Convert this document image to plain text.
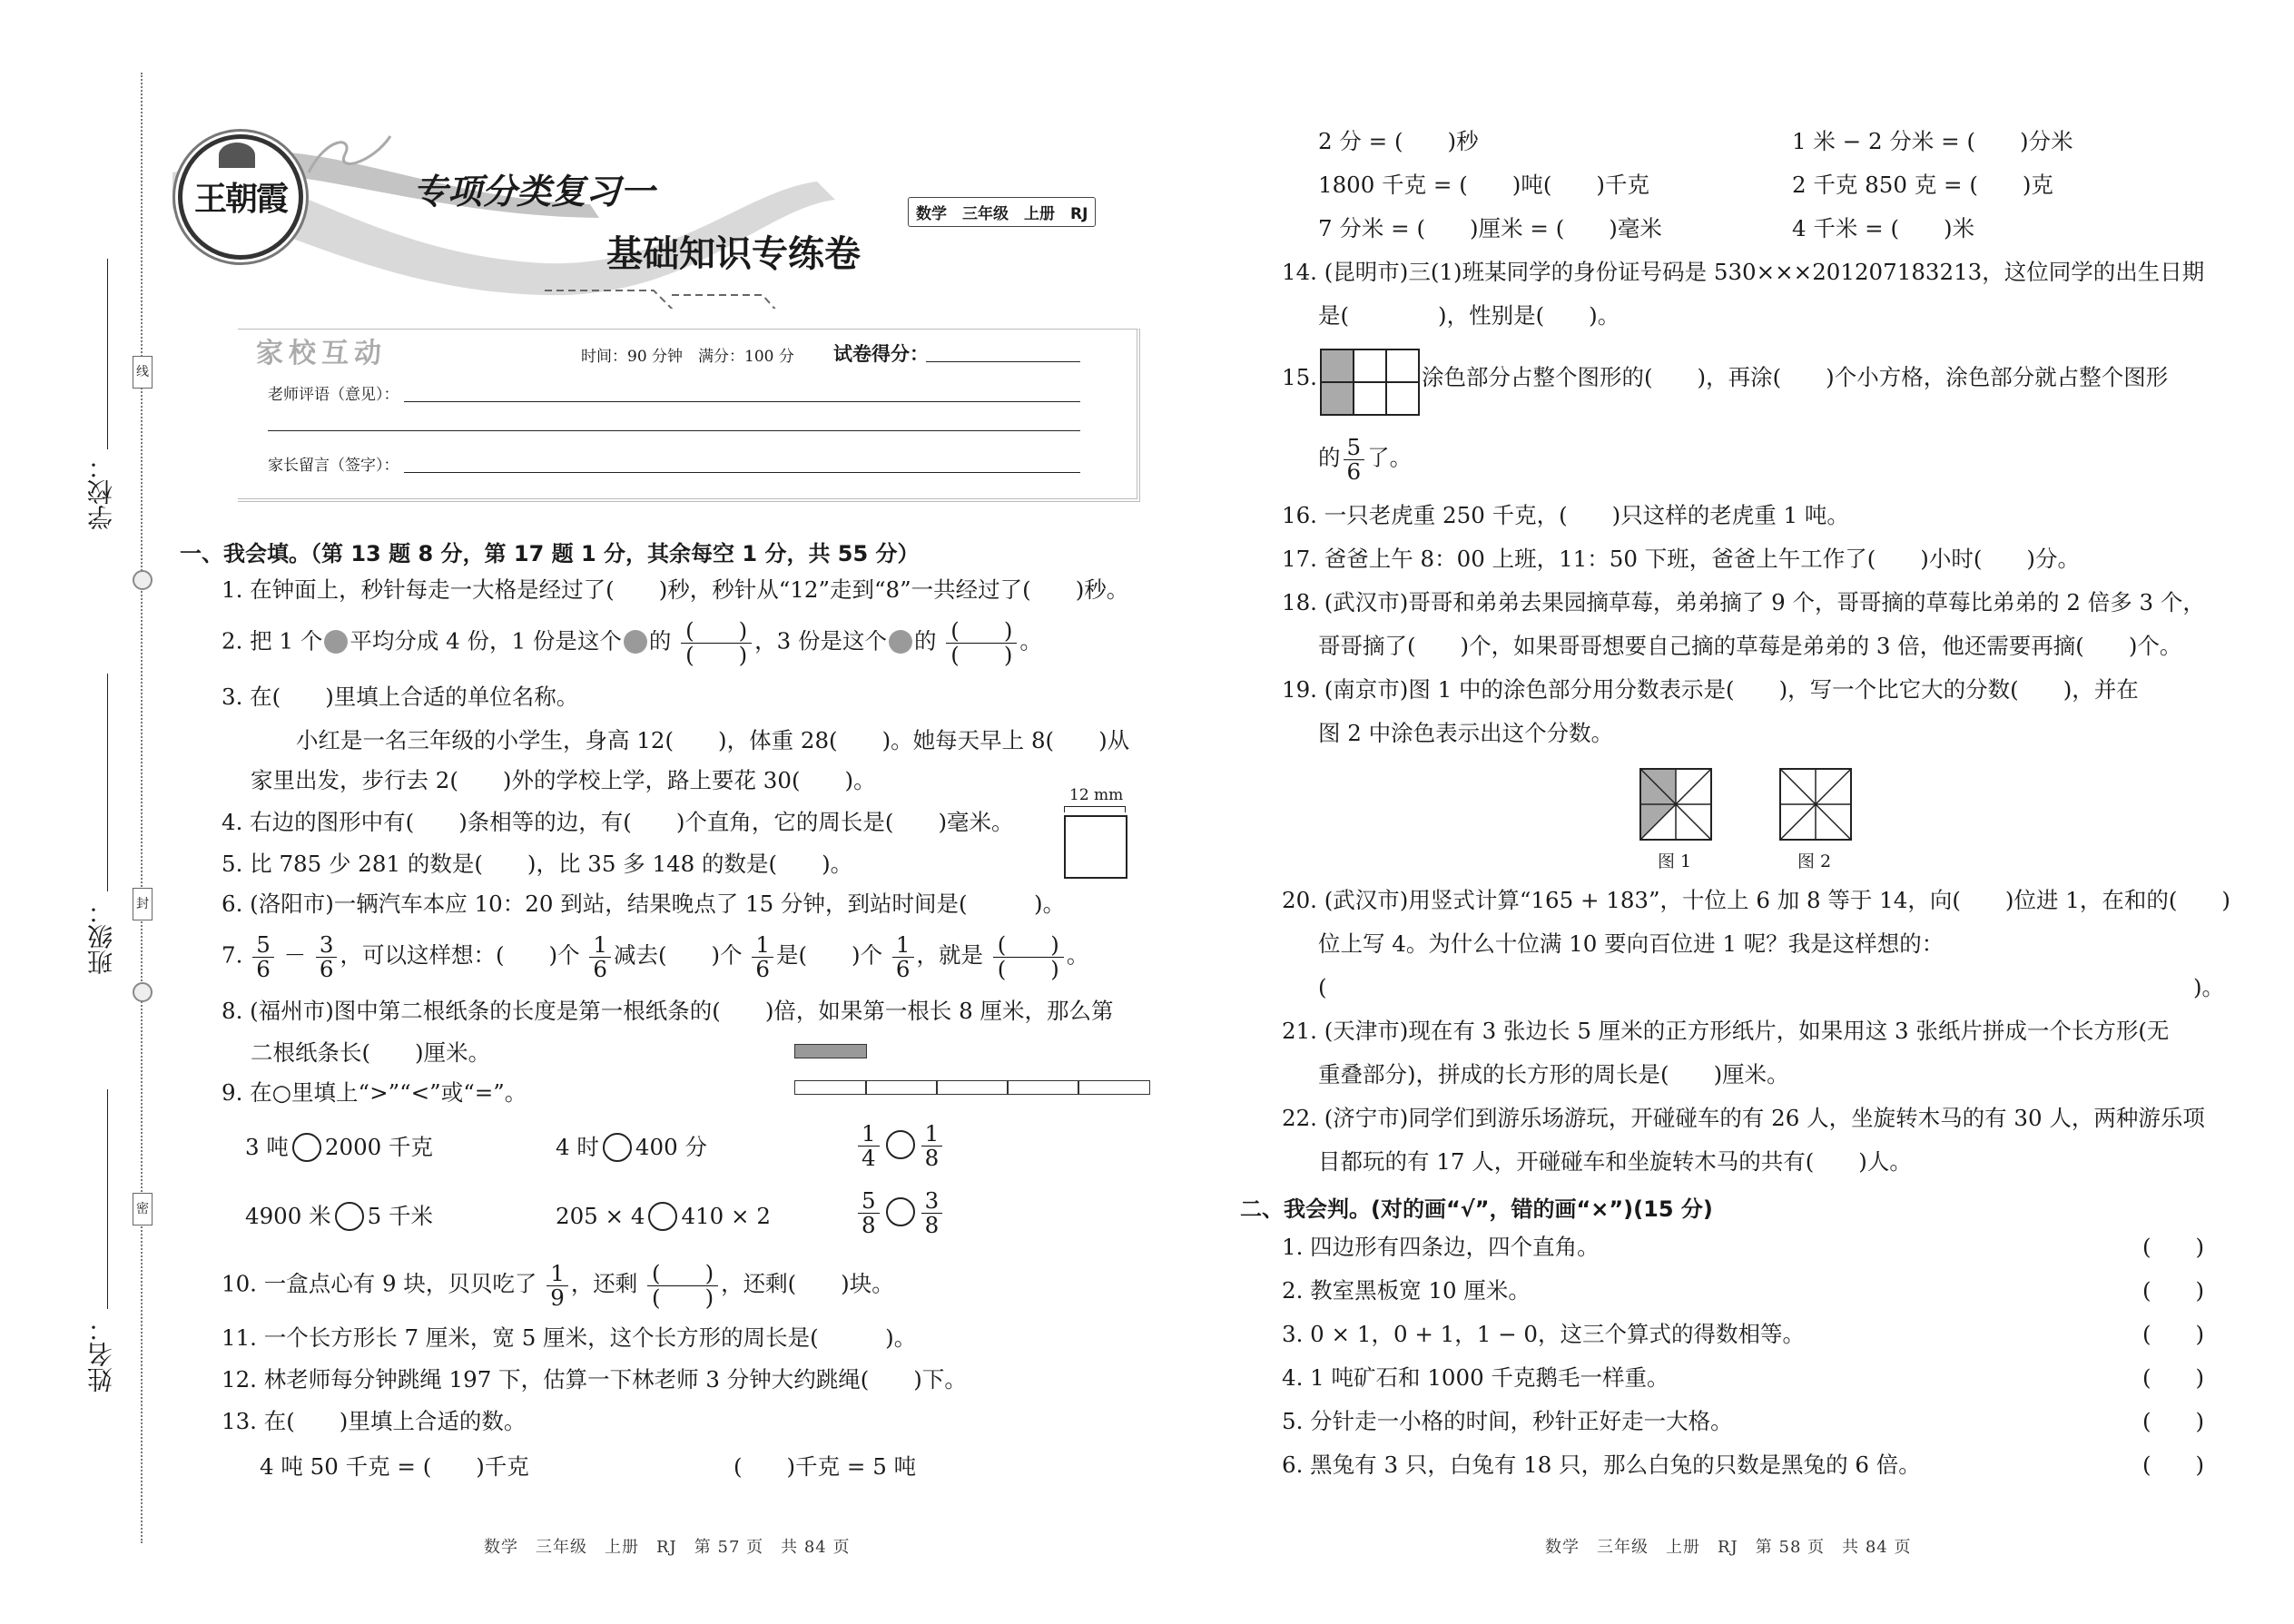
线
封
密
学校：
班级：
姓名：
王朝霞	专项分类复习一
基础知识专练卷
数学　三年级　上册　RJ
家校互动	时间：90 分钟　满分：100 分 试卷得分：
老师评语（意见）：
家长留言（签字）：
一、我会填。（第 13 题 8 分，第 17 题 1 分，其余每空 1 分，共 55 分）
1. 在钟面上，秒针每走一大格是经过了(　　)秒，秒针从“12”走到“8”一共经过了(　　)秒。
2. 把 1 个 平均分成 4 份，1 份是这个 的 $\frac{( )}{( )}$ ，3 份是这个 的 $\frac{( )}{( )}$ 。
3. 在(　　)里填上合适的单位名称。
小红是一名三年级的小学生，身高 12(　　)，体重 28(　　)。她每天早上 8(　　)从
家里出发，步行去 2(　　)外的学校上学，路上要花 30(　　)。
4. 右边的图形中有(　　)条相等的边，有(　　)个直角，它的周长是(　　)毫米。
12 mm
5. 比 785 少 281 的数是(　　)，比 35 多 148 的数是(　　)。
6. (洛阳市)一辆汽车本应 10：20 到站，结果晚点了 15 分钟，到站时间是(　　　)。
7. $\frac{5}{6} - \frac{3}{6}$ ，可以这样想：(　　)个 $\frac{1}{6}$ 减去(　　)个 $\frac{1}{6}$ 是(　　)个 $\frac{1}{6}$ ，就是 $\frac{( )}{( )}$ 。
8. (福州市)图中第二根纸条的长度是第一根纸条的(　　)倍，如果第一根长 8 厘米，那么第
二根纸条长(　　)厘米。
9. 在○里填上“>”“<”或“=”。
3 吨 2000 千克	4 时 400 分	$\frac{1}{4} \frac{1}{8}$
4900 米 5 千米	205 × 4 410 × 2	$\frac{5}{8} \frac{3}{8}$
10. 一盒点心有 9 块，贝贝吃了 $\frac{1}{9}$ ，还剩 $\frac{( )}{( )}$ ，还剩(　　)块。
11. 一个长方形长 7 厘米，宽 5 厘米，这个长方形的周长是(　　　)。
12. 林老师每分钟跳绳 197 下，估算一下林老师 3 分钟大约跳绳(　　)下。
13. 在(　　)里填上合适的数。
4 吨 50 千克 = (　　)千克	(　　)千克 = 5 吨
数学　三年级　上册　RJ　第 57 页　共 84 页
2 分 = (　　)秒	1 米 − 2 分米 = (　　)分米
1800 千克 = (　　)吨(　　)千克	2 千克 850 克 = (　　)克
7 分米 = (　　)厘米 = (　　)毫米	4 千米 = (　　)米
14. (昆明市)三(1)班某同学的身份证号码是 530×××201207183213，这位同学的出生日期
是(　　　　)，性别是(　　)。
15.	涂色部分占整个图形的(　　)，再涂(　　)个小方格，涂色部分就占整个图形
的 $\frac{5}{6}$ 了。
16. 一只老虎重 250 千克，(　　)只这样的老虎重 1 吨。
17. 爸爸上午 8：00 上班，11：50 下班，爸爸上午工作了(　　)小时(　　)分。
18. (武汉市)哥哥和弟弟去果园摘草莓，弟弟摘了 9 个，哥哥摘的草莓比弟弟的 2 倍多 3 个，
哥哥摘了(　　)个，如果哥哥想要自己摘的草莓是弟弟的 3 倍，他还需要再摘(　　)个。
19. (南京市)图 1 中的涂色部分用分数表示是(　　)，写一个比它大的分数(　　)，并在
图 2 中涂色表示出这个分数。
图 1	图 2
20. (武汉市)用竖式计算“165 + 183”，十位上 6 加 8 等于 14，向(　　)位进 1，在和的(　　)
位上写 4。为什么十位满 10 要向百位进 1 呢？我是这样想的：
(	)。
21. (天津市)现在有 3 张边长 5 厘米的正方形纸片，如果用这 3 张纸片拼成一个长方形(无
重叠部分)，拼成的长方形的周长是(　　)厘米。
22. (济宁市)同学们到游乐场游玩，开碰碰车的有 26 人，坐旋转木马的有 30 人，两种游乐项
目都玩的有 17 人，开碰碰车和坐旋转木马的共有(　　)人。
二、我会判。(对的画“√”，错的画“×”)(15 分)
1. 四边形有四条边，四个直角。	(　　)
2. 教室黑板宽 10 厘米。	(　　)
3. 0 × 1，0 + 1，1 − 0，这三个算式的得数相等。	(　　)
4. 1 吨矿石和 1000 千克鹅毛一样重。	(　　)
5. 分针走一小格的时间，秒针正好走一大格。	(　　)
6. 黑兔有 3 只，白兔有 18 只，那么白兔的只数是黑兔的 6 倍。	(　　)
数学　三年级　上册　RJ　第 58 页　共 84 页
